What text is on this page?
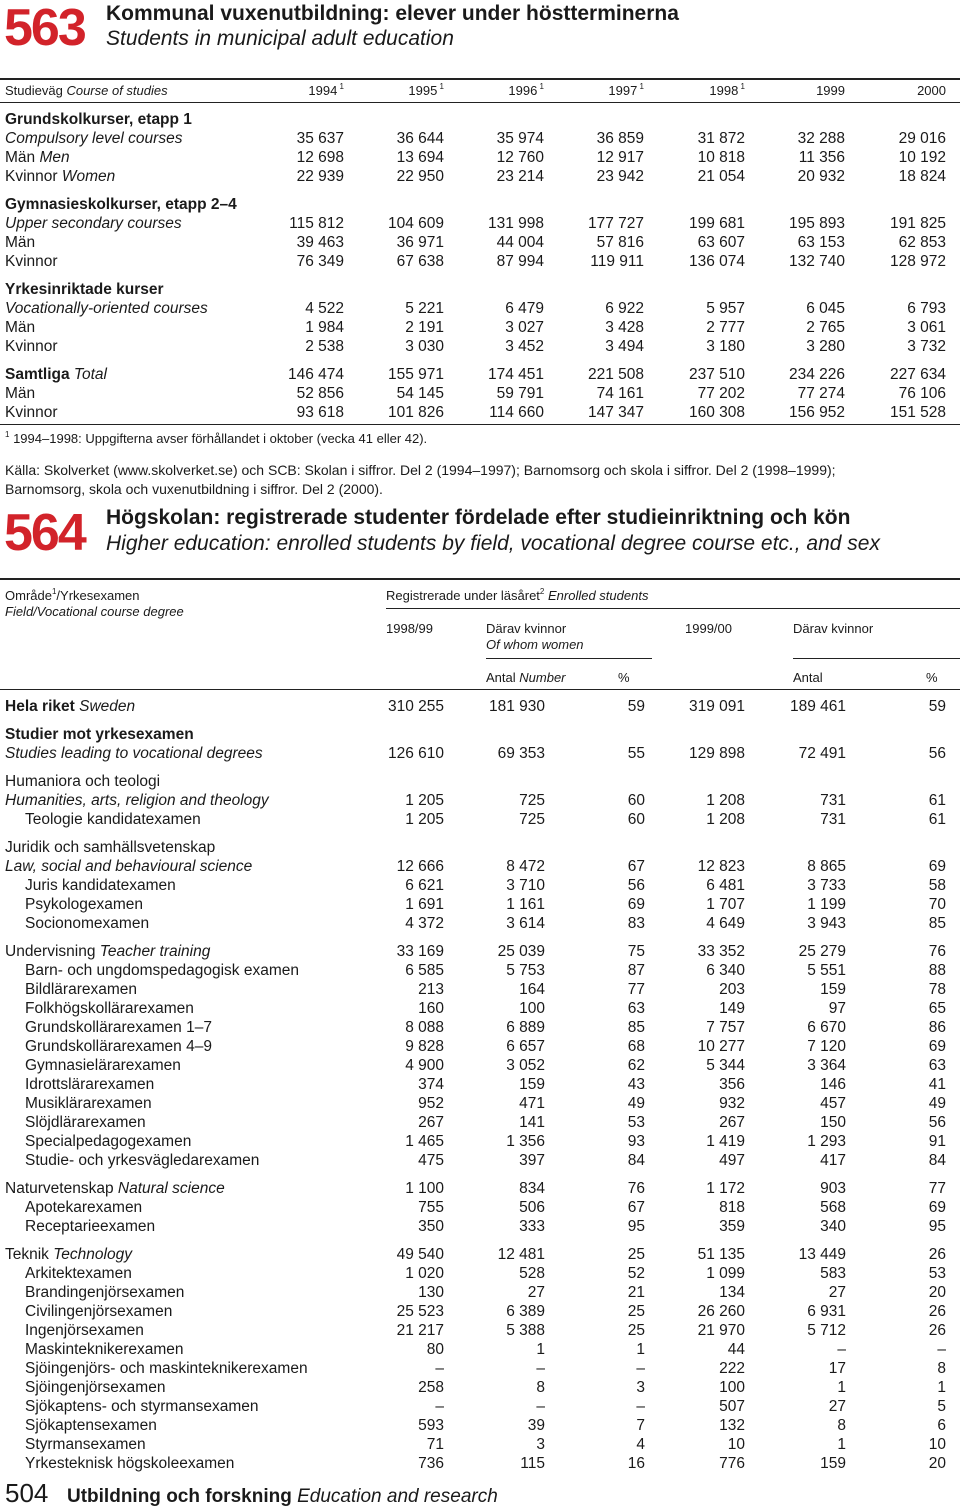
563 Kommunal vuxenutbildning: elever under höstterminerna
Students in municipal adult education
Studieväg Course of studies	1994 $^1$	1995 $^1$	1996 $^1$	1997 $^1$	1998 $^1$	1999	2000
Grundskolkurser, etapp 1
Compulsory level courses	35 637	36 644	35 974	36 859	31 872	32 288	29 016
Män Men	12 698	13 694	12 760	12 917	10 818	11 356	10 192
Kvinnor Women	22 939	22 950	23 214	23 942	21 054	20 932	18 824
Gymnasieskolkurser, etapp 2–4
Upper secondary courses	115 812	104 609	131 998	177 727	199 681	195 893	191 825
Män	39 463	36 971	44 004	57 816	63 607	63 153	62 853
Kvinnor	76 349	67 638	87 994	119 911	136 074	132 740	128 972
Yrkesinriktade kurser
Vocationally-oriented courses	4 522	5 221	6 479	6 922	5 957	6 045	6 793
Män	1 984	2 191	3 027	3 428	2 777	2 765	3 061
Kvinnor	2 538	3 030	3 452	3 494	3 180	3 280	3 732
Samtliga Total	146 474	155 971	174 451	221 508	237 510	234 226	227 634
Män	52 856	54 145	59 791	74 161	77 202	77 274	76 106
Kvinnor	93 618	101 826	114 660	147 347	160 308	156 952	151 528
$^1$ 1994–1998: Uppgifterna avser förhållandet i oktober (vecka 41 eller 42).
Källa: Skolverket (www.skolverket.se) och SCB: Skolan i siffror. Del 2 (1994–1997); Barnomsorg och skola i siffror. Del 2 (1998–1999);
Barnomsorg, skola och vuxenutbildning i siffror. Del 2 (2000).
564 Högskolan: registrerade studenter fördelade efter studieinriktning och kön
Higher education: enrolled students by field, vocational degree course etc., and sex
Område$^1$/Yrkesexamen
Field/Vocational course degree
Registrerade under läsåret$^2$ Enrolled students
1998/99	Därav kvinnor
Of whom women
1999/00	Därav kvinnor
Antal Number	%	Antal	%
Hela riket Sweden	310 255	181 930	59	319 091	189 461	59
Studier mot yrkesexamen
Studies leading to vocational degrees	126 610	69 353	55	129 898	72 491	56
Humaniora och teologi
Humanities, arts, religion and theology	1 205	725	60	1 208	731	61
Teologie kandidatexamen	1 205	725	60	1 208	731	61
Juridik och samhällsvetenskap
Law, social and behavioural science	12 666	8 472	67	12 823	8 865	69
Juris kandidatexamen	6 621	3 710	56	6 481	3 733	58
Psykologexamen	1 691	1 161	69	1 707	1 199	70
Socionomexamen	4 372	3 614	83	4 649	3 943	85
Undervisning Teacher training	33 169	25 039	75	33 352	25 279	76
Barn- och ungdomspedagogisk examen	6 585	5 753	87	6 340	5 551	88
Bildlärarexamen	213	164	77	203	159	78
Folkhögskollärarexamen	160	100	63	149	97	65
Grundskollärarexamen 1–7	8 088	6 889	85	7 757	6 670	86
Grundskollärarexamen 4–9	9 828	6 657	68	10 277	7 120	69
Gymnasielärarexamen	4 900	3 052	62	5 344	3 364	63
Idrottslärarexamen	374	159	43	356	146	41
Musiklärarexamen	952	471	49	932	457	49
Slöjdlärarexamen	267	141	53	267	150	56
Specialpedagogexamen	1 465	1 356	93	1 419	1 293	91
Studie- och yrkesvägledarexamen	475	397	84	497	417	84
Naturvetenskap Natural science	1 100	834	76	1 172	903	77
Apotekarexamen	755	506	67	818	568	69
Receptarieexamen	350	333	95	359	340	95
Teknik Technology	49 540	12 481	25	51 135	13 449	26
Arkitektexamen	1 020	528	52	1 099	583	53
Brandingenjörsexamen	130	27	21	134	27	20
Civilingenjörsexamen	25 523	6 389	25	26 260	6 931	26
Ingenjörsexamen	21 217	5 388	25	21 970	5 712	26
Maskinteknikerexamen	80	1	1	44	–	–
Sjöingenjörs- och maskinteknikerexamen	–	–	–	222	17	8
Sjöingenjörsexamen	258	8	3	100	1	1
Sjökaptens- och styrmansexamen	–	–	–	507	27	5
Sjökaptensexamen	593	39	7	132	8	6
Styrmansexamen	71	3	4	10	1	10
Yrkesteknisk högskoleexamen	736	115	16	776	159	20
504 Utbildning och forskning Education and research
